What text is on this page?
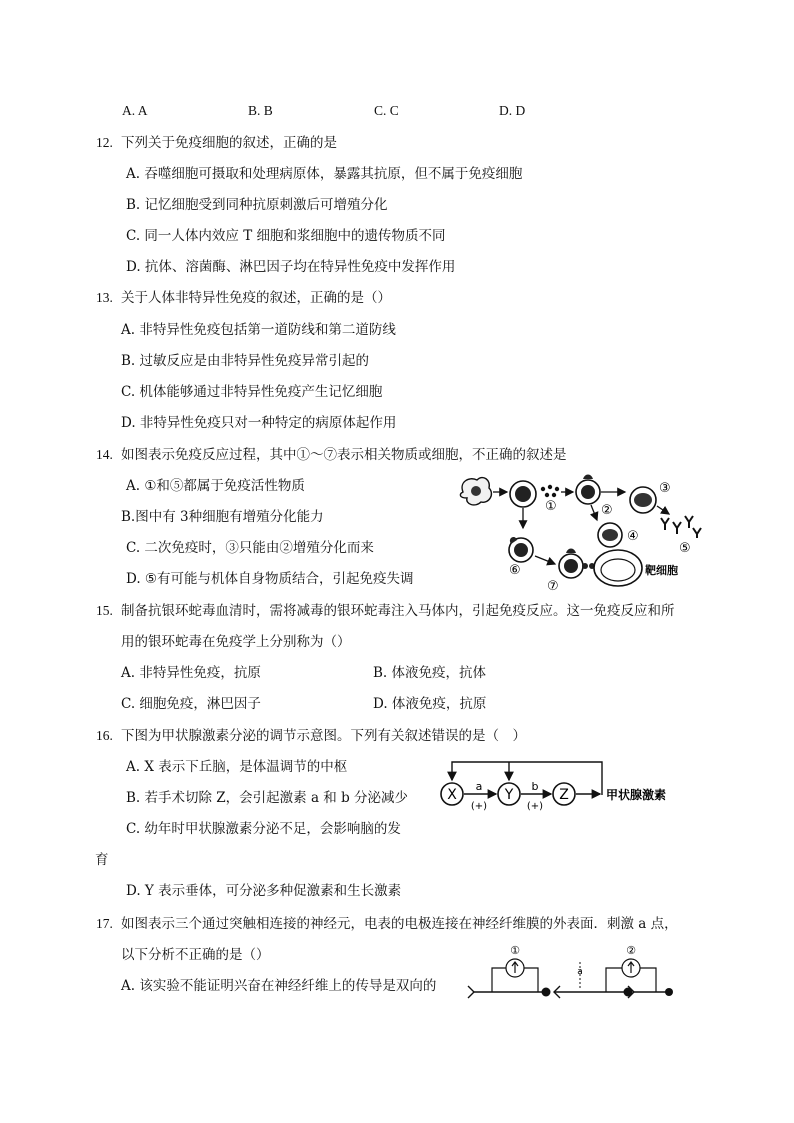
A. A	B. B	C. C	D. D
12. 下列关于免疫细胞的叙述，正确的是
A. 吞噬细胞可摄取和处理病原体，暴露其抗原，但不属于免疫细胞
B. 记忆细胞受到同种抗原刺激后可增殖分化
C. 同一人体内效应 T 细胞和浆细胞中的遗传物质不同
D. 抗体、溶菌酶、淋巴因子均在特异性免疫中发挥作用
13. 关于人体非特异性免疫的叙述，正确的是（）
A. 非特异性免疫包括第一道防线和第二道防线
B. 过敏反应是由非特异性免疫异常引起的
C. 机体能够通过非特异性免疫产生记忆细胞
D. 非特异性免疫只对一种特定的病原体起作用
14. 如图表示免疫反应过程，其中①～⑦表示相关物质或细胞，不正确的叙述是
A. ①和⑤都属于免疫活性物质
B.图中有 3种细胞有增殖分化能力
C. 二次免疫时，③只能由②增殖分化而来
D. ⑤有可能与机体自身物质结合，引起免疫失调
①	②
③
④
⑤
⑥
⑦
靶细胞
15. 制备抗银环蛇毒血清时，需将减毒的银环蛇毒注入马体内，引起免疫反应。这一免疫反应和所
用的银环蛇毒在免疫学上分别称为（）
A. 非特异性免疫，抗原	B. 体液免疫，抗体
C. 细胞免疫，淋巴因子	D. 体液免疫，抗原
16. 下图为甲状腺激素分泌的调节示意图。下列有关叙述错误的是（　）
A. X 表示下丘脑，是体温调节的中枢
B. 若手术切除 Z，会引起激素 a 和 b 分泌减少
C. 幼年时甲状腺激素分泌不足，会影响脑的发
育
D. Y 表示垂体，可分泌多种促激素和生长激素
X	Y	Z
a
(+)
b
(+)
甲状腺激素
17. 如图表示三个通过突触相连接的神经元，电表的电极连接在神经纤维膜的外表面．刺激 a 点，
以下分析不正确的是（）
A. 该实验不能证明兴奋在神经纤维上的传导是双向的
①
a
②
